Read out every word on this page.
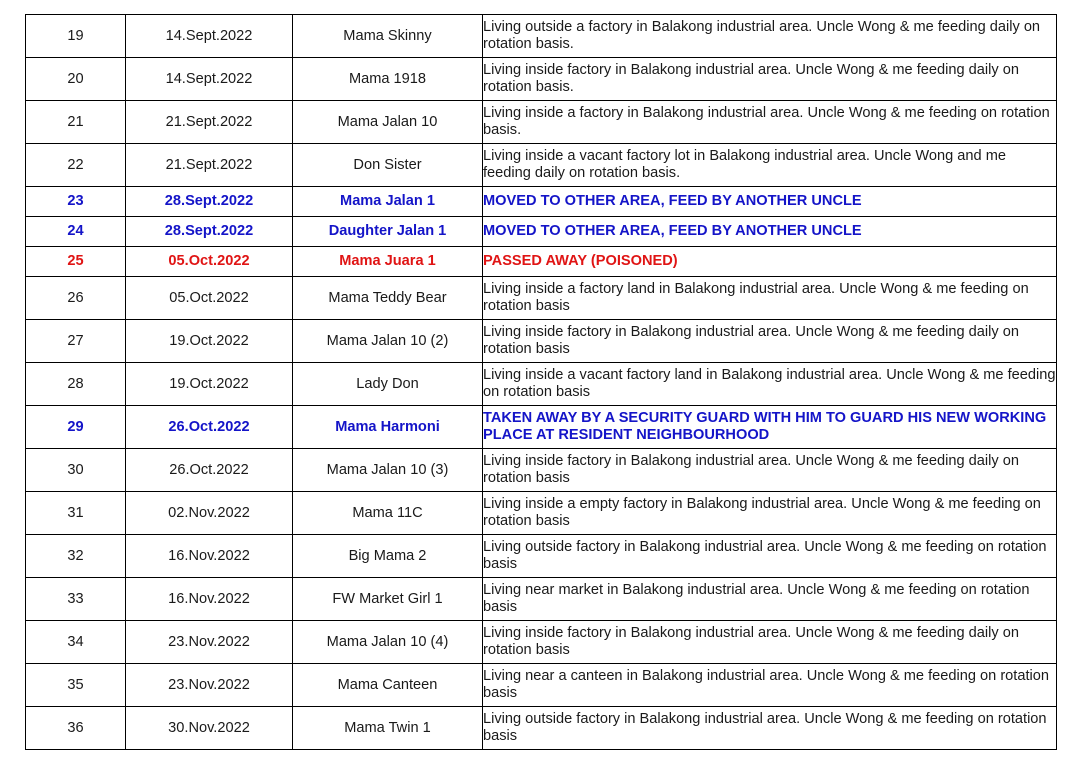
19	14.Sept.2022	Mama Skinny	Living outside a factory in Balakong industrial area. Uncle Wong & me feeding daily on rotation basis.
20	14.Sept.2022	Mama 1918	Living inside factory in Balakong industrial area. Uncle Wong & me feeding daily on rotation basis.
21	21.Sept.2022	Mama Jalan 10	Living inside a factory in Balakong industrial area. Uncle Wong & me feeding on rotation basis.
22	21.Sept.2022	Don Sister	Living inside a vacant factory lot in Balakong industrial area. Uncle Wong and me feeding daily on rotation basis.
23	28.Sept.2022	Mama Jalan 1	MOVED TO OTHER AREA, FEED BY ANOTHER UNCLE
24	28.Sept.2022	Daughter Jalan 1	MOVED TO OTHER AREA, FEED BY ANOTHER UNCLE
25	05.Oct.2022	Mama Juara 1	PASSED AWAY (POISONED)
26	05.Oct.2022	Mama Teddy Bear	Living inside a factory land in Balakong industrial area. Uncle Wong & me feeding on rotation basis
27	19.Oct.2022	Mama Jalan 10 (2)	Living inside factory in Balakong industrial area. Uncle Wong & me feeding daily on rotation basis
28	19.Oct.2022	Lady Don	Living inside a vacant factory land in Balakong industrial area. Uncle Wong & me feeding on rotation basis
29	26.Oct.2022	Mama Harmoni	TAKEN AWAY BY A SECURITY GUARD WITH HIM TO GUARD HIS NEW WORKING PLACE AT RESIDENT NEIGHBOURHOOD
30	26.Oct.2022	Mama Jalan 10 (3)	Living inside factory in Balakong industrial area. Uncle Wong & me feeding daily on rotation basis
31	02.Nov.2022	Mama 11C	Living inside a empty factory in Balakong industrial area. Uncle Wong & me feeding on rotation basis
32	16.Nov.2022	Big Mama 2	Living outside factory in Balakong industrial area. Uncle Wong & me feeding on rotation basis
33	16.Nov.2022	FW Market Girl 1	Living near market in Balakong industrial area. Uncle Wong & me feeding on rotation basis
34	23.Nov.2022	Mama Jalan 10 (4)	Living inside factory in Balakong industrial area. Uncle Wong & me feeding daily on rotation basis
35	23.Nov.2022	Mama Canteen	Living near a canteen in Balakong industrial area. Uncle Wong & me feeding on rotation basis
36	30.Nov.2022	Mama Twin 1	Living outside factory in Balakong industrial area. Uncle Wong & me feeding on rotation basis
